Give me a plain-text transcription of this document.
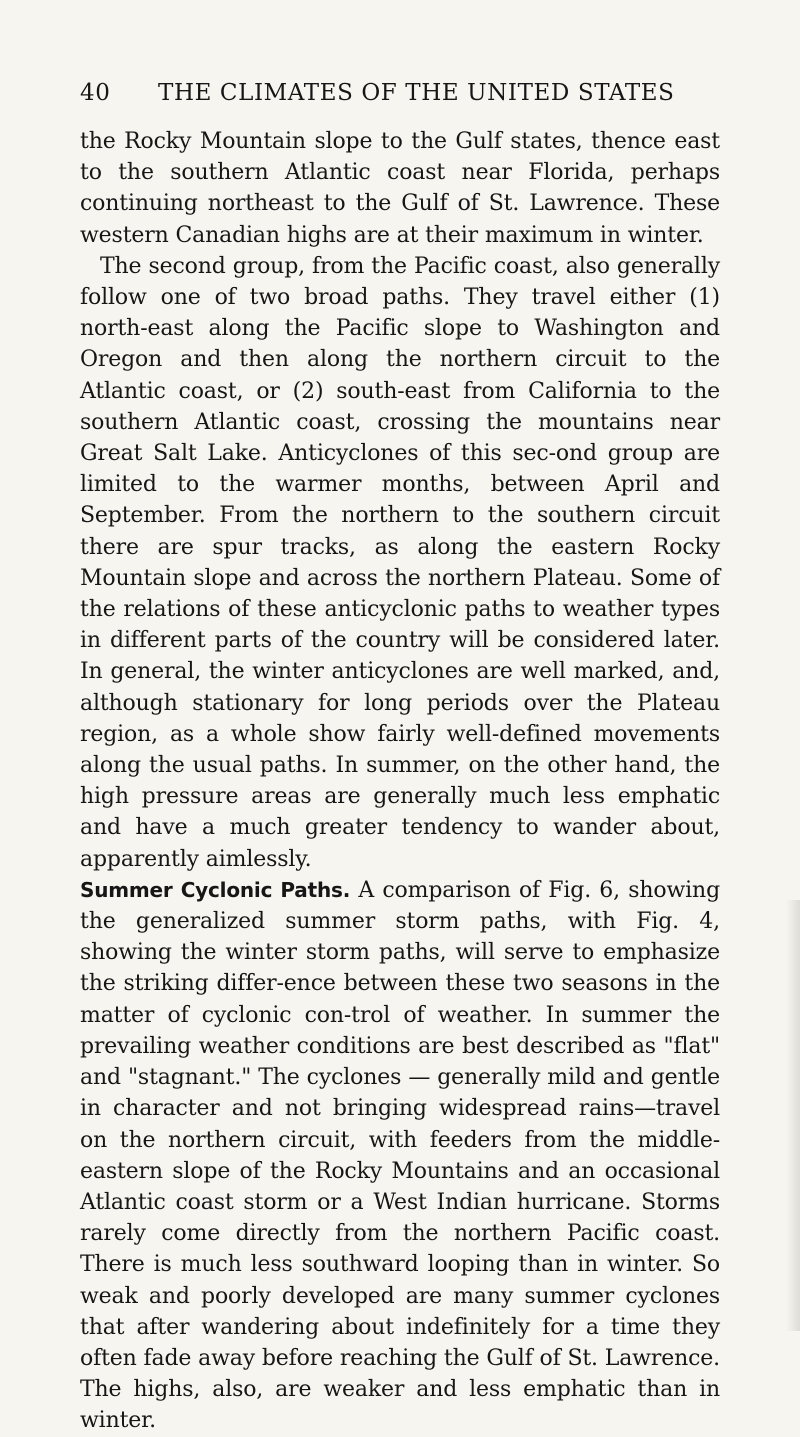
40 THE CLIMATES OF THE UNITED STATES

the Rocky Mountain slope to the Gulf states, thence east to the southern Atlantic coast near Florida, perhaps continuing northeast to the Gulf of St. Lawrence. These western Canadian highs are at their maximum in winter.

The second group, from the Pacific coast, also generally follow one of two broad paths. They travel either (1) north-east along the Pacific slope to Washington and Oregon and then along the northern circuit to the Atlantic coast, or (2) south-east from California to the southern Atlantic coast, crossing the mountains near Great Salt Lake. Anticyclones of this sec-ond group are limited to the warmer months, between April and September. From the northern to the southern circuit there are spur tracks, as along the eastern Rocky Mountain slope and across the northern Plateau. Some of the relations of these anticyclonic paths to weather types in different parts of the country will be considered later. In general, the winter anticyclones are well marked, and, although stationary for long periods over the Plateau region, as a whole show fairly well-defined movements along the usual paths. In summer, on the other hand, the high pressure areas are generally much less emphatic and have a much greater tendency to wander about, apparently aimlessly.

Summer Cyclonic Paths. A comparison of Fig. 6, showing the generalized summer storm paths, with Fig. 4, showing the winter storm paths, will serve to emphasize the striking differ-ence between these two seasons in the matter of cyclonic con-trol of weather. In summer the prevailing weather conditions are best described as "flat" and "stagnant." The cyclones — generally mild and gentle in character and not bringing widespread rains—travel on the northern circuit, with feeders from the middle-eastern slope of the Rocky Mountains and an occasional Atlantic coast storm or a West Indian hurricane. Storms rarely come directly from the northern Pacific coast. There is much less southward looping than in winter. So weak and poorly developed are many summer cyclones that after wandering about indefinitely for a time they often fade away before reaching the Gulf of St. Lawrence. The highs, also, are weaker and less emphatic than in winter.
